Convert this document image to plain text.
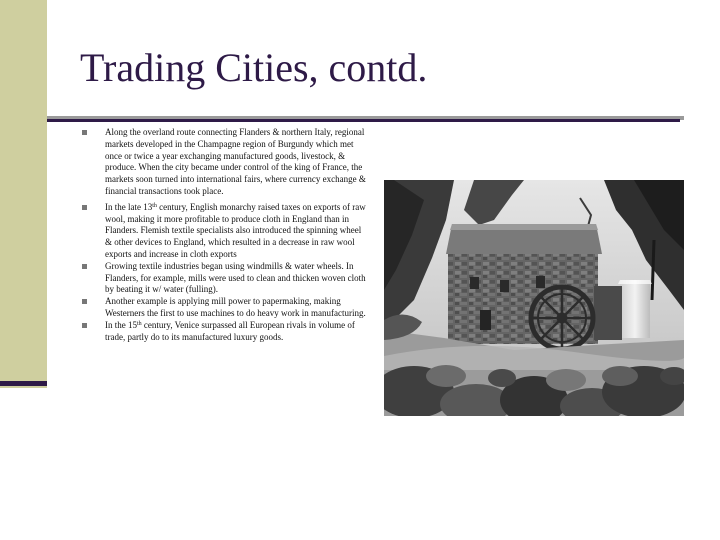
Trading Cities, contd.
Along the overland route connecting Flanders & northern Italy, regional markets developed in the Champagne region of Burgundy which met once or twice a year exchanging manufactured goods, livestock, & produce. When the city became under control of the king of France, the markets soon turned into international fairs, where currency exchange & financial transactions took place.
In the late 13th century, English monarchy raised taxes on exports of raw wool, making it more profitable to produce cloth in England than in Flanders. Flemish textile specialists also introduced the spinning wheel & other devices to England, which resulted in a decrease in raw wool exports and increase in cloth exports
Growing textile industries began using windmills & water wheels. In Flanders, for example, mills were used to clean and thicken woven cloth by beating it w/ water (fulling).
Another example is applying mill power to papermaking, making Westerners the first to use machines to do heavy work in manufacturing.
In the 15th century, Venice surpassed all European rivals in volume of trade, partly do to its manufactured luxury goods.
